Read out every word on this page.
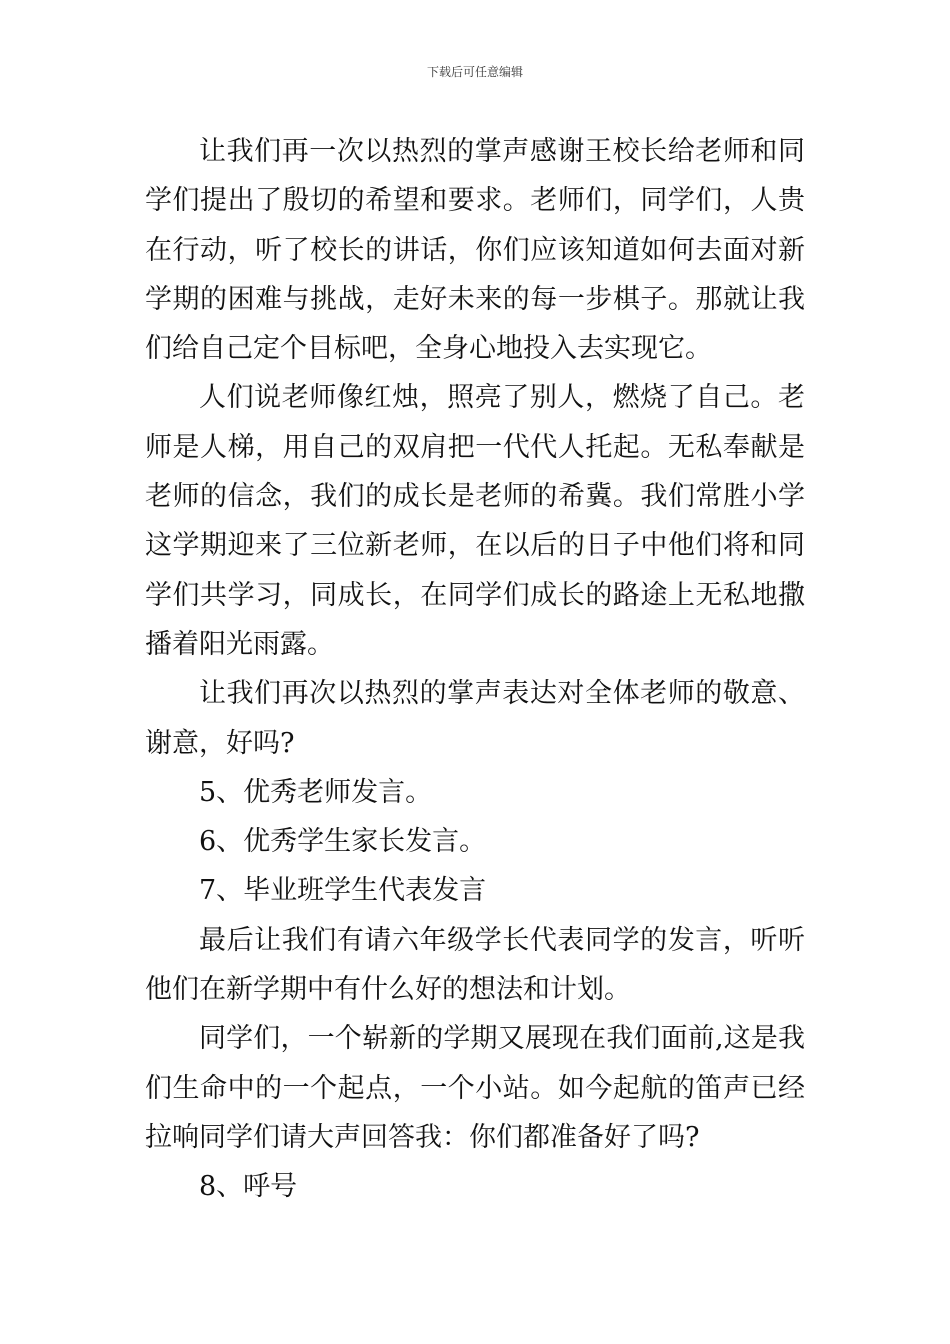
下载后可任意编辑

让我们再一次以热烈的掌声感谢王校长给老师和同学们提出了殷切的希望和要求。老师们，同学们，人贵在行动，听了校长的讲话，你们应该知道如何去面对新学期的困难与挑战，走好未来的每一步棋子。那就让我们给自己定个目标吧，全身心地投入去实现它。

人们说老师像红烛，照亮了别人，燃烧了自己。老师是人梯，用自己的双肩把一代代人托起。无私奉献是老师的信念，我们的成长是老师的希冀。我们常胜小学这学期迎来了三位新老师，在以后的日子中他们将和同学们共学习，同成长，在同学们成长的路途上无私地撒播着阳光雨露。

让我们再次以热烈的掌声表达对全体老师的敬意、谢意，好吗?

5、优秀老师发言。

6、优秀学生家长发言。

7、毕业班学生代表发言

最后让我们有请六年级学长代表同学的发言，听听他们在新学期中有什么好的想法和计划。

同学们，一个崭新的学期又展现在我们面前,这是我们生命中的一个起点，一个小站。如今起航的笛声已经拉响同学们请大声回答我：你们都准备好了吗?

8、呼号
